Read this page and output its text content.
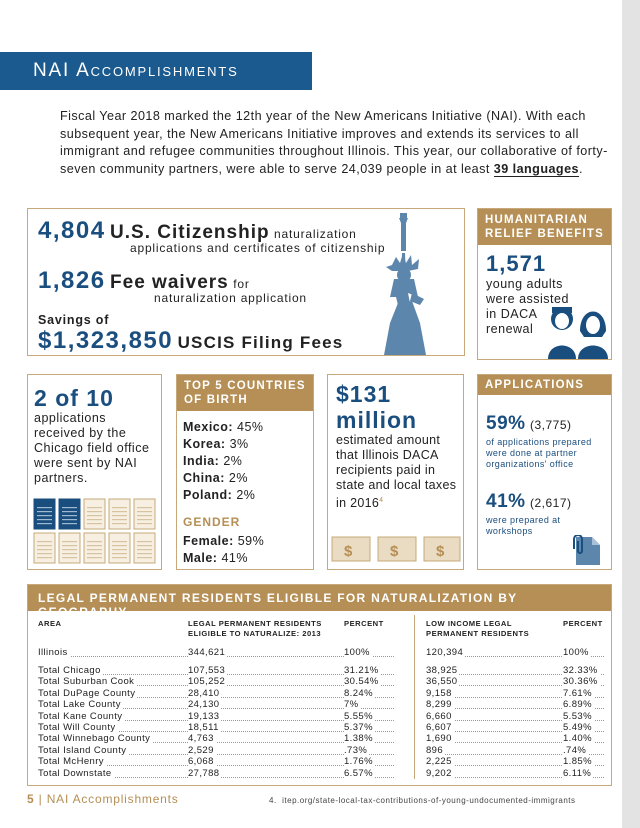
NAI Accomplishments

Fiscal Year 2018 marked the 12th year of the New Americans Initiative (NAI). With each subsequent year, the New Americans Initiative improves and extends its services to all immigrant and refugee communities throughout Illinois. This year, our collaborative of forty-seven community partners, were able to serve 24,039 people in at least 39 languages.

4,804 U.S. Citizenship naturalization
applications and certificates of citizenship
1,826 Fee waivers for
naturalization application
Savings of
$1,323,850 USCIS Filing Fees
HUMANITARIAN RELIEF BENEFITS
1,571
young adults were assisted in DACA renewal
2 of 10
applications received by the Chicago field office were sent by NAI partners.
TOP 5 COUNTRIES OF BIRTH
Mexico: 45%
Korea: 3%
India: 2%
China: 2%
Poland: 2%
GENDER
Female: 59%
Male: 41%
$131
million
estimated amount that Illinois DACA recipients paid in state and local taxes in 2016$^4$
$	$	$
APPLICATIONS
59% (3,775)
of applications prepared were done at partner organizations' office
41% (2,617)
were prepared at workshops
LEGAL PERMANENT RESIDENTS ELIGIBLE FOR NATURALIZATION BY GEOGRAPHY
AREA	LEGAL PERMANENT RESIDENTS
ELIGIBLE TO NATURALIZE: 2013
PERCENT	LOW INCOME LEGAL
PERMANENT RESIDENTS
PERCENT
Illinois	344,621	100%	120,394	100%
Total Chicago	107,553	31.21%	38,925	32.33%
Total Suburban Cook	105,252	30.54%	36,550	30.36%
Total DuPage County	28,410	8.24%	9,158	7.61%
Total Lake County	24,130	7%	8,299	6.89%
Total Kane County	19,133	5.55%	6,660	5.53%
Total Will County	18,511	5.37%	6,607	5.49%
Total Winnebago County	4,763	1.38%	1,690	1.40%
Total Island County	2,529	.73%	896	.74%
Total McHenry	6,068	1.76%	2,225	1.85%
Total Downstate	27,788	6.57%	9,202	6.11%
5 | NAI Accomplishments	4. itep.org/state-local-tax-contributions-of-young-undocumented-immigrants
